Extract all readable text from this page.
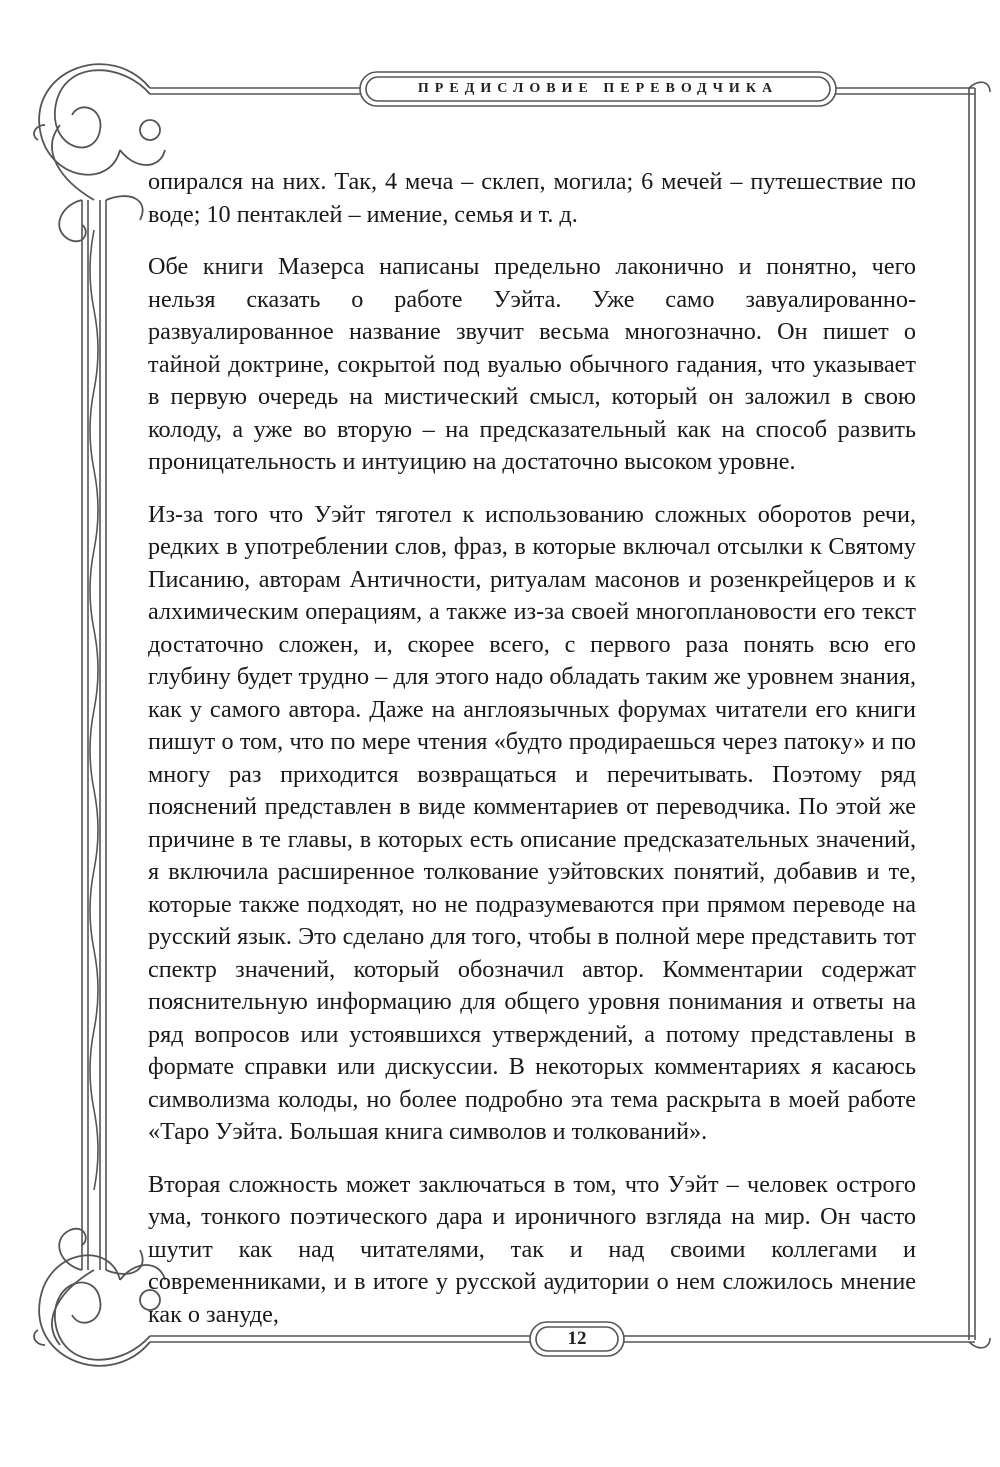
ПРЕДИСЛОВИЕ ПЕРЕВОДЧИКА

опирался на них. Так, 4 меча – склеп, могила; 6 мечей – путешествие по воде; 10 пентаклей – имение, семья и т. д.

Обе книги Мазерса написаны предельно лаконично и понятно, чего нельзя сказать о работе Уэйта. Уже само завуалированно-развуалированное название звучит весьма многозначно. Он пишет о тайной доктрине, сокрытой под вуалью обычного гадания, что указывает в первую очередь на мистический смысл, который он заложил в свою колоду, а уже во вторую – на предсказательный как на способ развить проницательность и интуицию на достаточно высоком уровне.

Из-за того что Уэйт тяготел к использованию сложных оборотов речи, редких в употреблении слов, фраз, в которые включал отсылки к Святому Писанию, авторам Античности, ритуалам масонов и розенкрейцеров и к алхимическим операциям, а также из-за своей многоплановости его текст достаточно сложен, и, скорее всего, с первого раза понять всю его глубину будет трудно – для этого надо обладать таким же уровнем знания, как у самого автора. Даже на англоязычных форумах читатели его книги пишут о том, что по мере чтения «будто продираешься через патоку» и по многу раз приходится возвращаться и перечитывать. Поэтому ряд пояснений представлен в виде комментариев от переводчика. По этой же причине в те главы, в которых есть описание предсказательных значений, я включила расширенное толкование уэйтовских понятий, добавив и те, которые также подходят, но не подразумеваются при прямом переводе на русский язык. Это сделано для того, чтобы в полной мере представить тот спектр значений, который обозначил автор. Комментарии содержат пояснительную информацию для общего уровня понимания и ответы на ряд вопросов или устоявшихся утверждений, а потому представлены в формате справки или дискуссии. В некоторых комментариях я касаюсь символизма колоды, но более подробно эта тема раскрыта в моей работе «Таро Уэйта. Большая книга символов и толкований».

Вторая сложность может заключаться в том, что Уэйт – человек острого ума, тонкого поэтического дара и ироничного взгляда на мир. Он часто шутит как над читателями, так и над своими коллегами и современниками, и в итоге у русской аудитории о нем сложилось мнение как о зануде,

12
